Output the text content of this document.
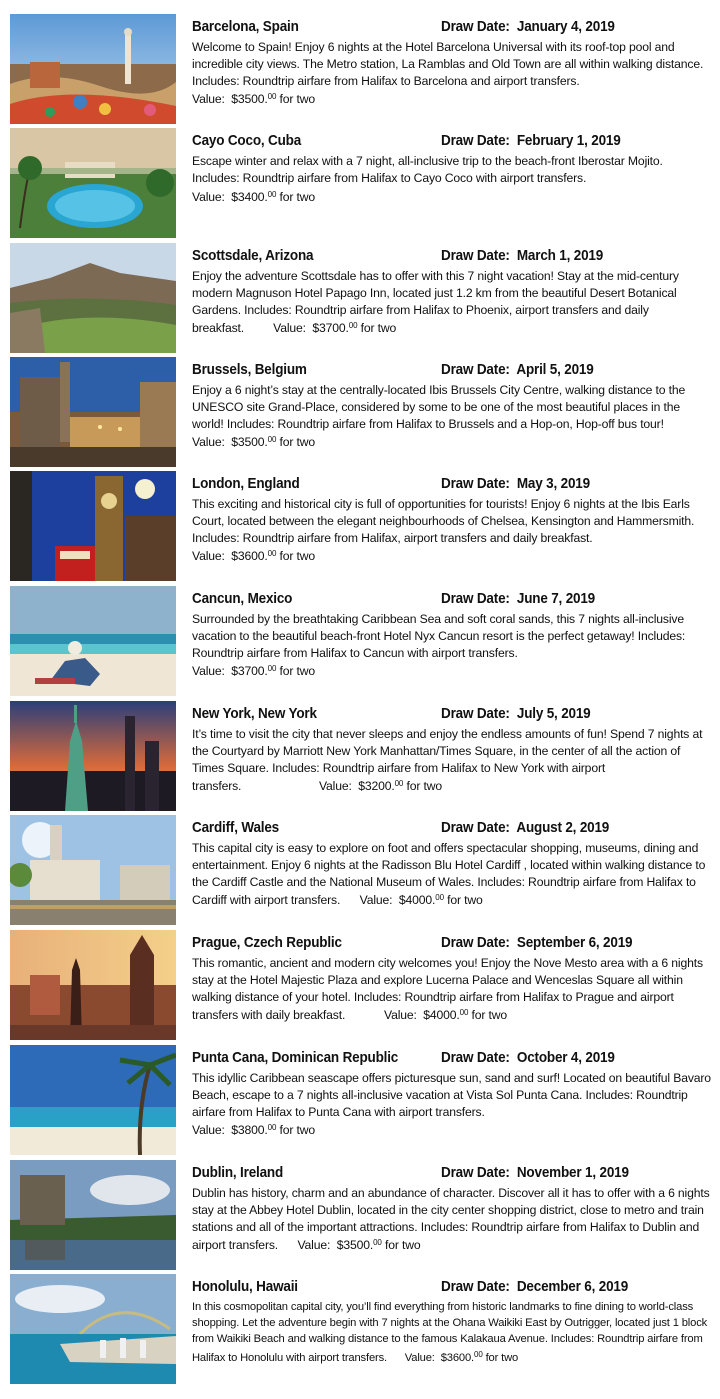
Barcelona, Spain	Draw Date: January 4, 2019
Welcome to Spain! Enjoy 6 nights at the Hotel Barcelona Universal with its roof-top pool and incredible city views. The Metro station, La Ramblas and Old Town are all within walking distance. Includes: Roundtrip airfare from Halifax to Barcelona and airport transfers.
Value: $3500.00 for two
Cayo Coco, Cuba	Draw Date: February 1, 2019
Escape winter and relax with a 7 night, all-inclusive trip to the beach-front Iberostar Mojito. Includes: Roundtrip airfare from Halifax to Cayo Coco with airport transfers.
Value: $3400.00 for two
Scottsdale, Arizona	Draw Date: March 1, 2019
Enjoy the adventure Scottsdale has to offer with this 7 night vacation! Stay at the mid-century modern Magnuson Hotel Papago Inn, located just 1.2 km from the beautiful Desert Botanical Gardens. Includes: Roundtrip airfare from Halifax to Phoenix, airport transfers and daily breakfast. Value: $3700.00 for two
Brussels, Belgium	Draw Date: April 5, 2019
Enjoy a 6 night’s stay at the centrally-located Ibis Brussels City Centre, walking distance to the UNESCO site Grand-Place, considered by some to be one of the most beautiful places in the world! Includes: Roundtrip airfare from Halifax to Brussels and a Hop-on, Hop-off bus tour!
Value: $3500.00 for two
London, England	Draw Date: May 3, 2019
This exciting and historical city is full of opportunities for tourists! Enjoy 6 nights at the Ibis Earls Court, located between the elegant neighbourhoods of Chelsea, Kensington and Hammersmith. Includes: Roundtrip airfare from Halifax, airport transfers and daily breakfast.
Value: $3600.00 for two
Cancun, Mexico	Draw Date: June 7, 2019
Surrounded by the breathtaking Caribbean Sea and soft coral sands, this 7 nights all-inclusive vacation to the beautiful beach-front Hotel Nyx Cancun resort is the perfect getaway! Includes: Roundtrip airfare from Halifax to Cancun with airport transfers.
Value: $3700.00 for two
New York, New York	Draw Date: July 5, 2019
It’s time to visit the city that never sleeps and enjoy the endless amounts of fun! Spend 7 nights at the Courtyard by Marriott New York Manhattan/Times Square, in the center of all the action of Times Square. Includes: Roundtrip airfare from Halifax to New York with airport transfers.	Value: $3200.00 for two
Cardiff, Wales	Draw Date: August 2, 2019
This capital city is easy to explore on foot and offers spectacular shopping, museums, dining and entertainment. Enjoy 6 nights at the Radisson Blu Hotel Cardiff , located within walking distance to the Cardiff Castle and the National Museum of Wales. Includes: Roundtrip airfare from Halifax to Cardiff with airport transfers. Value: $4000.00 for two
Prague, Czech Republic	Draw Date: September 6, 2019
This romantic, ancient and modern city welcomes you! Enjoy the Nove Mesto area with a 6 nights stay at the Hotel Majestic Plaza and explore Lucerna Palace and Wenceslas Square all within walking distance of your hotel. Includes: Roundtrip airfare from Halifax to Prague and airport transfers with daily breakfast.	Value: $4000.00 for two
Punta Cana, Dominican Republic	Draw Date: October 4, 2019
This idyllic Caribbean seascape offers picturesque sun, sand and surf! Located on beautiful Bavaro Beach, escape to a 7 nights all-inclusive vacation at Vista Sol Punta Cana. Includes: Roundtrip airfare from Halifax to Punta Cana with airport transfers.
Value: $3800.00 for two
Dublin, Ireland	Draw Date: November 1, 2019
Dublin has history, charm and an abundance of character. Discover all it has to offer with a 6 nights stay at the Abbey Hotel Dublin, located in the city center shopping district, close to metro and train stations and all of the important attractions. Includes: Roundtrip airfare from Halifax to Dublin and airport transfers. Value: $3500.00 for two
Honolulu, Hawaii	Draw Date: December 6, 2019
In this cosmopolitan capital city, you’ll find everything from historic landmarks to fine dining to world-class shopping. Let the adventure begin with 7 nights at the Ohana Waikiki East by Outrigger, located just 1 block from Waikiki Beach and walking distance to the famous Kalakaua Avenue. Includes: Roundtrip airfare from Halifax to Honolulu with airport transfers. Value: $3600.00 for two
